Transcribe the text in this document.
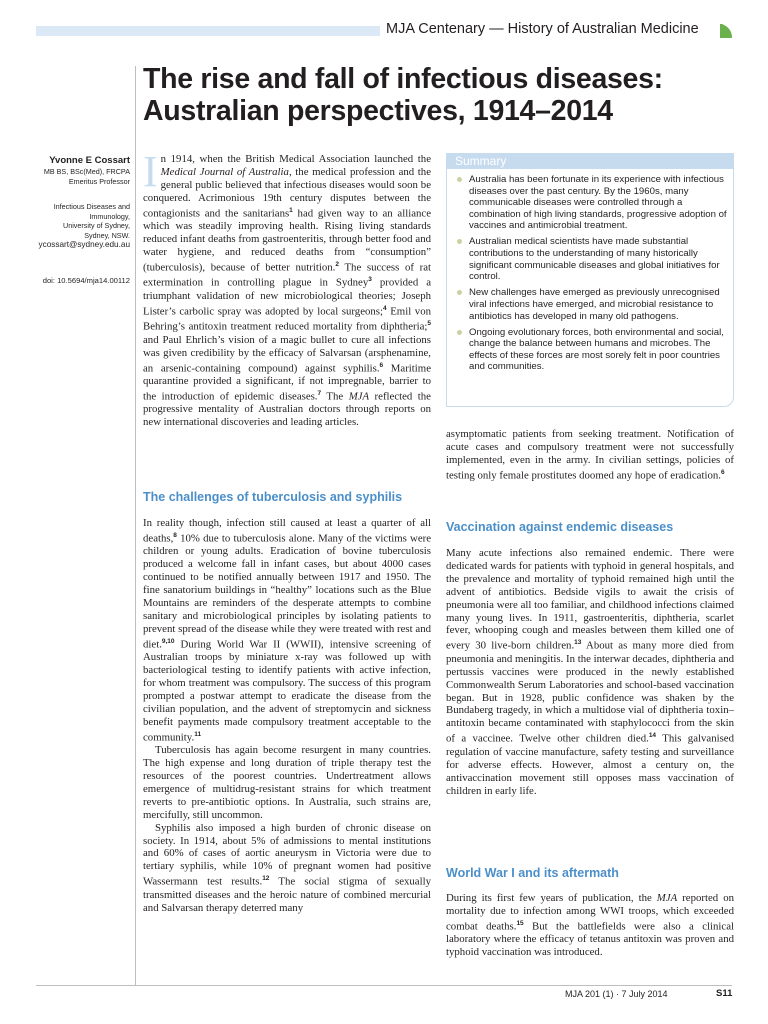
MJA Centenary — History of Australian Medicine
The rise and fall of infectious diseases: Australian perspectives, 1914–2014
Yvonne E Cossart
MB BS, BSc(Med), FRCPA
Emeritus Professor
Infectious Diseases and
Immunology,
University of Sydney,
Sydney, NSW.
ycossart@sydney.edu.au
doi: 10.5694/mja14.00112

In 1914, when the British Medical Association launched the Medical Journal of Australia, the medical profession and the general public believed that infectious diseases would soon be conquered. Acrimonious 19th century disputes between the contagionists and the sanitarians$^1$ had given way to an alliance which was steadily improving health. Rising living standards reduced infant deaths from gastroenteritis, through better food and water hygiene, and reduced deaths from “consumption” (tuberculosis), because of better nutrition.$^2$ The success of rat extermination in controlling plague in Sydney$^3$ provided a triumphant validation of new microbiological theories; Joseph Lister’s carbolic spray was adopted by local surgeons;$^4$ Emil von Behring’s antitoxin treatment reduced mortality from diphtheria;$^5$ and Paul Ehrlich’s vision of a magic bullet to cure all infections was given credibility by the efficacy of Salvarsan (arsphenamine, an arsenic-containing compound) against syphilis.$^6$ Maritime quarantine provided a significant, if not impregnable, barrier to the introduction of epidemic diseases.$^7$ The MJA reflected the progressive mentality of Australian doctors through reports on new international discoveries and leading articles.

The challenges of tuberculosis and syphilis

In reality though, infection still caused at least a quarter of all deaths,$^8$ 10% due to tuberculosis alone. Many of the victims were children or young adults. Eradication of bovine tuberculosis produced a welcome fall in infant cases, but about 4000 cases continued to be notified annually between 1917 and 1950. The fine sanatorium buildings in “healthy” locations such as the Blue Mountains are reminders of the desperate attempts to combine sanitary and microbiological principles by isolating patients to prevent spread of the disease while they were treated with rest and diet.$^{9,10}$ During World War II (WWII), intensive screening of Australian troops by miniature x-ray was followed up with bacteriological testing to identify patients with active infection, for whom treatment was compulsory. The success of this program prompted a postwar attempt to eradicate the disease from the civilian population, and the advent of streptomycin and sickness benefit payments made compulsory treatment acceptable to the community.$^{11}$

Tuberculosis has again become resurgent in many countries. The high expense and long duration of triple therapy test the resources of the poorest countries. Undertreatment allows emergence of multidrug-resistant strains for which treatment reverts to pre-antibiotic options. In Australia, such strains are, mercifully, still uncommon.

Syphilis also imposed a high burden of chronic disease on society. In 1914, about 5% of admissions to mental institutions and 60% of cases of aortic aneurysm in Victoria were due to tertiary syphilis, while 10% of pregnant women had positive Wassermann test results.$^{12}$ The social stigma of sexually transmitted diseases and the heroic nature of combined mercurial and Salvarsan therapy deterred many

Summary
Australia has been fortunate in its experience with infectious diseases over the past century. By the 1960s, many communicable diseases were controlled through a combination of high living standards, progressive adoption of vaccines and antimicrobial treatment.
Australian medical scientists have made substantial contributions to the understanding of many historically significant communicable diseases and global initiatives for control.
New challenges have emerged as previously unrecognised viral infections have emerged, and microbial resistance to antibiotics has developed in many old pathogens.
Ongoing evolutionary forces, both environmental and social, change the balance between humans and microbes. The effects of these forces are most sorely felt in poor countries and communities.

asymptomatic patients from seeking treatment. Notification of acute cases and compulsory treatment were not successfully implemented, even in the army. In civilian settings, policies of testing only female prostitutes doomed any hope of eradication.$^6$

Vaccination against endemic diseases

Many acute infections also remained endemic. There were dedicated wards for patients with typhoid in general hospitals, and the prevalence and mortality of typhoid remained high until the advent of antibiotics. Bedside vigils to await the crisis of pneumonia were all too familiar, and childhood infections claimed many young lives. In 1911, gastroenteritis, diphtheria, scarlet fever, whooping cough and measles between them killed one of every 30 live-born children.$^{13}$ About as many more died from pneumonia and meningitis. In the interwar decades, diphtheria and pertussis vaccines were produced in the newly established Commonwealth Serum Laboratories and school-based vaccination began. But in 1928, public confidence was shaken by the Bundaberg tragedy, in which a multidose vial of diphtheria toxin–antitoxin became contaminated with staphylococci from the skin of a vaccinee. Twelve other children died.$^{14}$ This galvanised regulation of vaccine manufacture, safety testing and surveillance for adverse effects. However, almost a century on, the antivaccination movement still opposes mass vaccination of children in early life.

World War I and its aftermath

During its first few years of publication, the MJA reported on mortality due to infection among WWI troops, which exceeded combat deaths.$^{15}$ But the battlefields were also a clinical laboratory where the efficacy of tetanus antitoxin was proven and typhoid vaccination was introduced.

MJA 201 (1) · 7 July 2014	S11
